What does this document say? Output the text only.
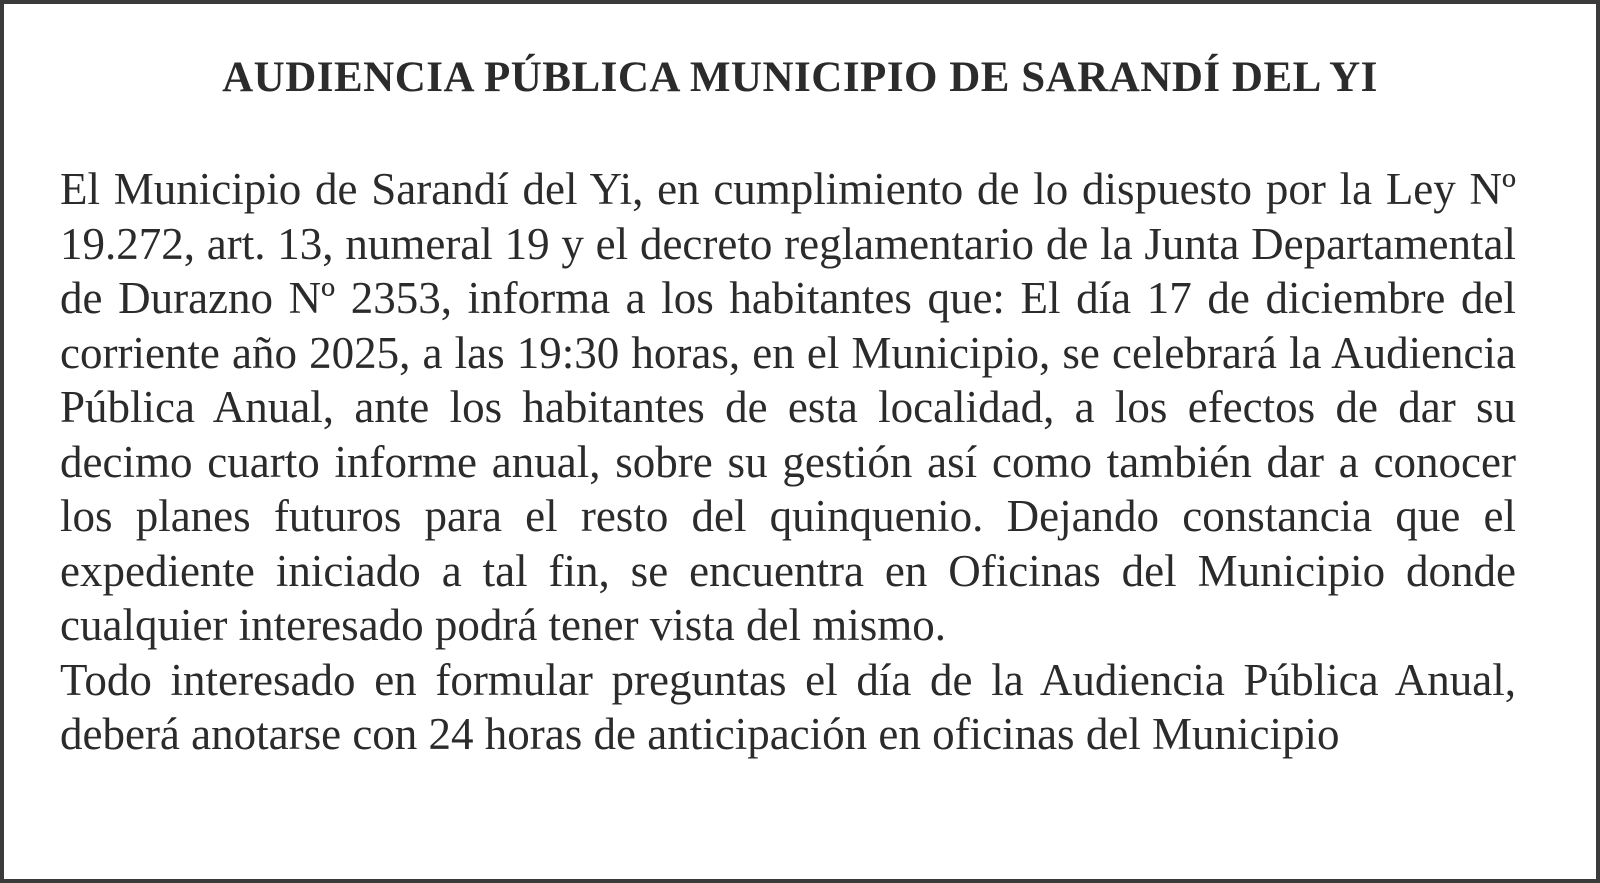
AUDIENCIA PÚBLICA MUNICIPIO DE SARANDÍ DEL YI

El Municipio de Sarandí del Yi, en cumplimiento de lo dispuesto por la Ley Nº 19.272, art. 13, numeral 19 y el decreto reglamentario de la Junta Departamental de Durazno Nº 2353, informa a los habitantes que: El día 17 de diciembre del corriente año 2025, a las 19:30 horas, en el Municipio, se celebrará la Audiencia Pública Anual, ante los habitantes de esta localidad, a los efectos de dar su decimo cuarto informe anual, sobre su gestión así como también dar a conocer los planes futuros para el resto del quinquenio. Dejando constancia que el expediente iniciado a tal fin, se encuentra en Oficinas del Municipio donde cualquier interesado podrá tener vista del mismo.

Todo interesado en formular preguntas el día de la Audiencia Pública Anual, deberá anotarse con 24 horas de anticipación en oficinas del Municipio
